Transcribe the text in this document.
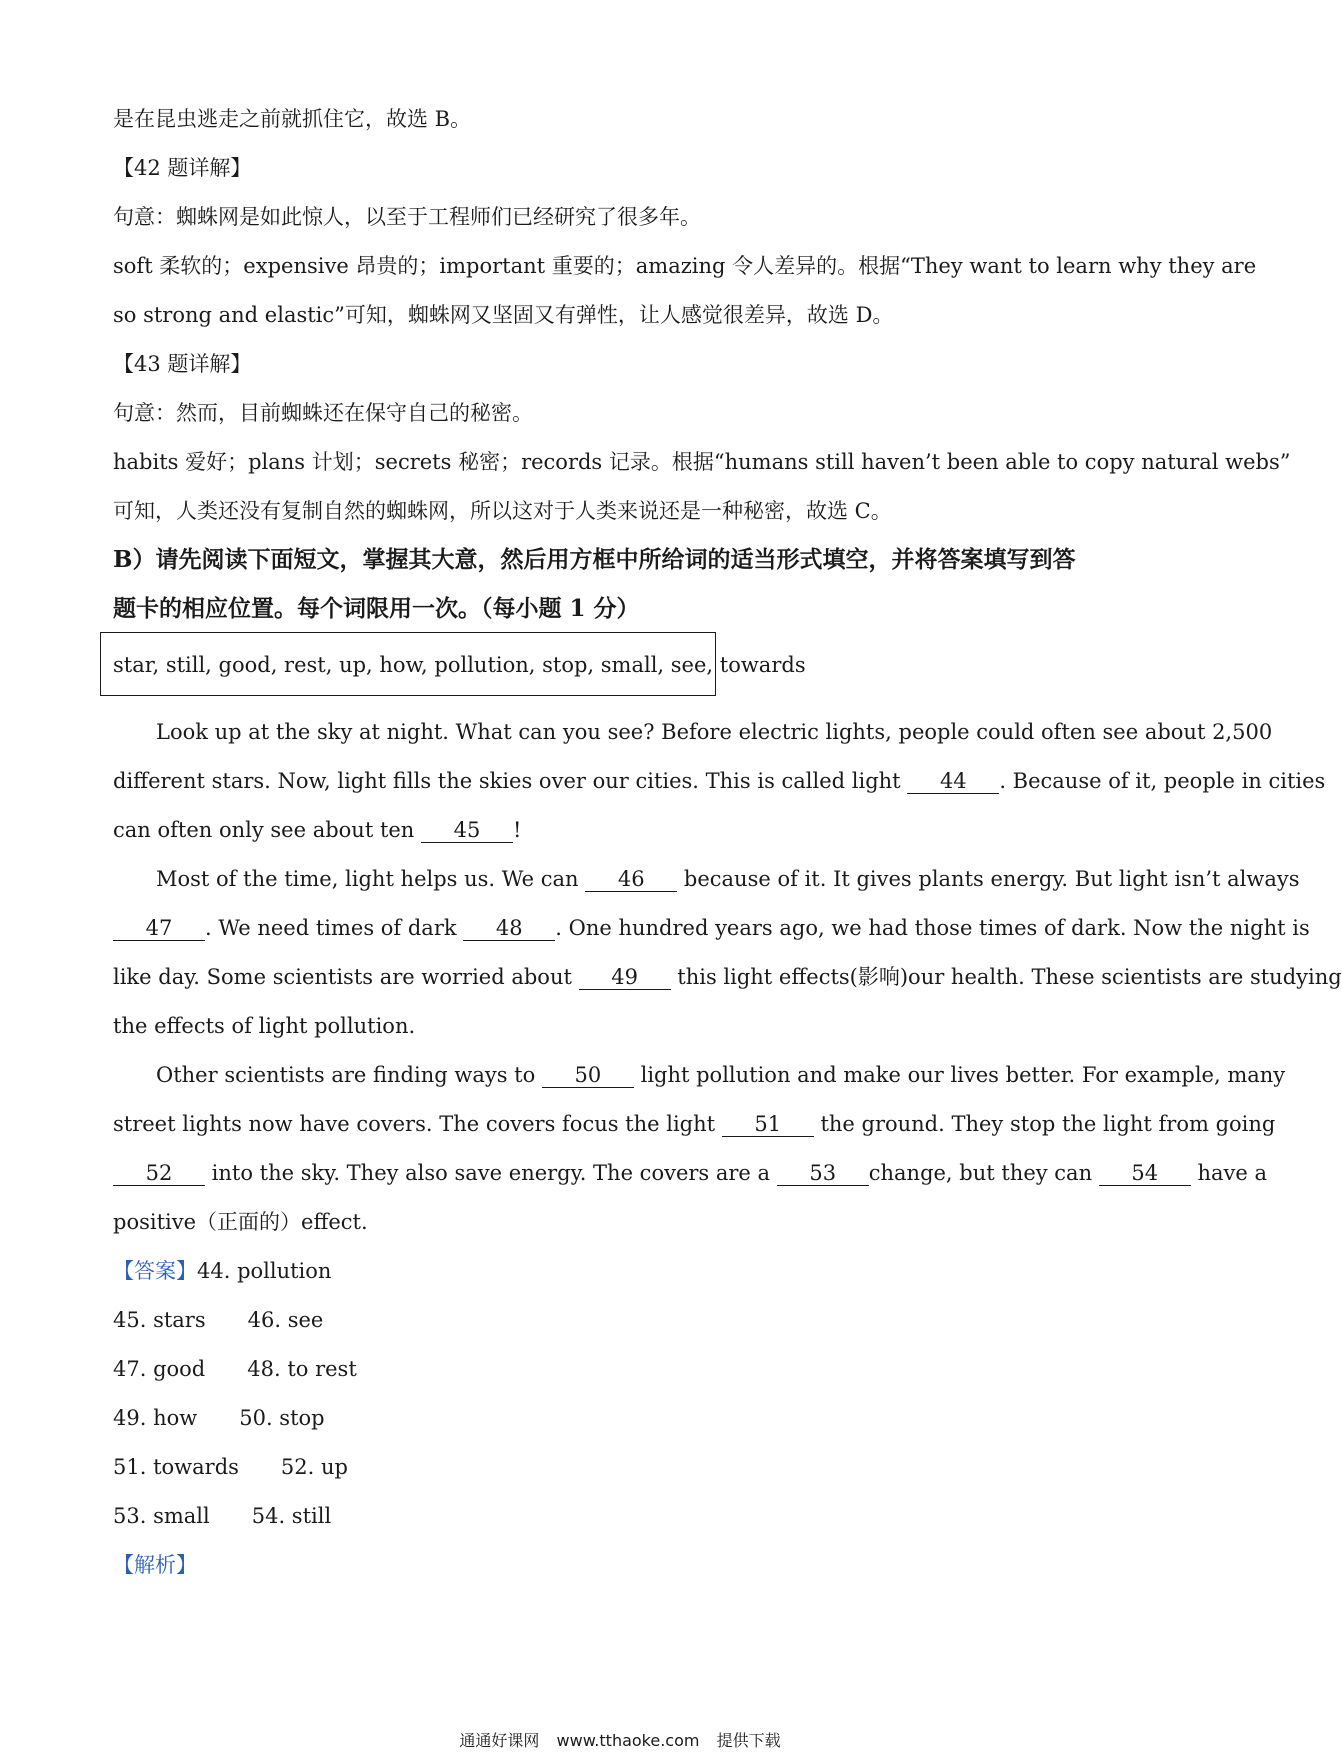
是在昆虫逃走之前就抓住它，故选 B。
【42 题详解】
句意：蜘蛛网是如此惊人，以至于工程师们已经研究了很多年。
soft 柔软的；expensive 昂贵的；important 重要的；amazing 令人差异的。根据“They want to learn why they are
so strong and elastic”可知，蜘蛛网又坚固又有弹性，让人感觉很差异，故选 D。
【43 题详解】
句意：然而，目前蜘蛛还在保守自己的秘密。
habits 爱好；plans 计划；secrets 秘密；records 记录。根据“humans still haven’t been able to copy natural webs”
可知，人类还没有复制自然的蜘蛛网，所以这对于人类来说还是一种秘密，故选 C。
B）请先阅读下面短文，掌握其大意，然后用方框中所给词的适当形式填空，并将答案填写到答
题卡的相应位置。每个词限用一次。（每小题 1 分）
star, still, good, rest, up, how, pollution, stop, small, see, towards
Look up at the sky at night. What can you see? Before electric lights, people could often see about 2,500
different stars. Now, light fills the skies over our cities. This is called light 44 . Because of it, people in cities
can often only see about ten 45 !
Most of the time, light helps us. We can 46 because of it. It gives plants energy. But light isn’t always
47 . We need times of dark 48 . One hundred years ago, we had those times of dark. Now the night is
like day. Some scientists are worried about 49 this light effects(影响)our health. These scientists are studying
the effects of light pollution.
Other scientists are finding ways to 50 light pollution and make our lives better. For example, many
street lights now have covers. The covers focus the light 51 the ground. They stop the light from going
52 into the sky. They also save energy. The covers are a 53 change, but they can 54 have a
positive（正面的）effect.
【答案】44. pollution
45. stars 46. see
47. good 48. to rest
49. how 50. stop
51. towards 52. up
53. small 54. still
【解析】
通通好课网 www.tthaoke.com 提供下载
